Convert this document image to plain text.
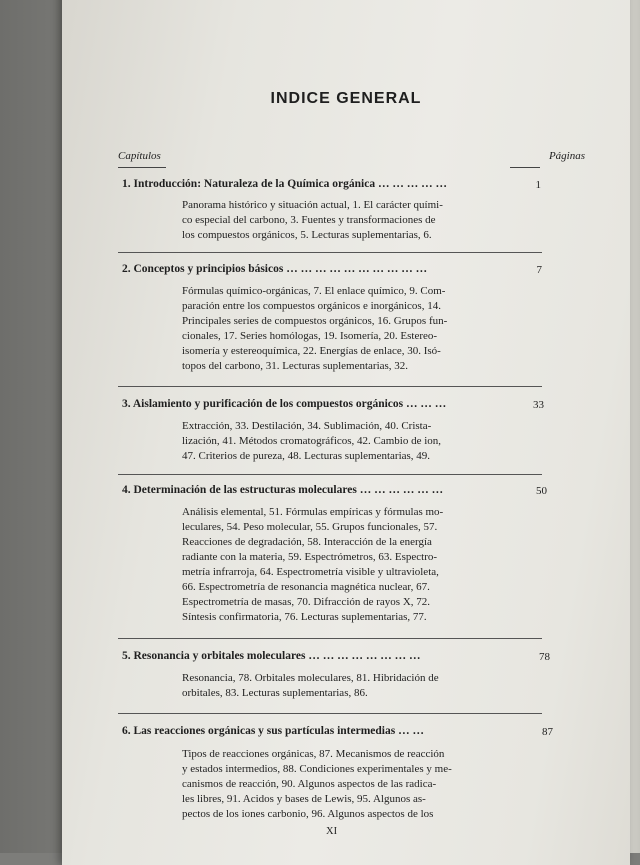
INDICE GENERAL
Capítulos	Páginas
1. Introducción: Naturaleza de la Química orgánica … … … … …	1
Panorama histórico y situación actual, 1. El carácter quími-
co especial del carbono, 3. Fuentes y transformaciones de
los compuestos orgánicos, 5. Lecturas suplementarias, 6.
2. Conceptos y principios básicos … … … … … … … … … …	7
Fórmulas químico-orgánicas, 7. El enlace químico, 9. Com-
paración entre los compuestos orgánicos e inorgánicos, 14.
Principales series de compuestos orgánicos, 16. Grupos fun-
cionales, 17. Series homólogas, 19. Isomería, 20. Estereo-
isomería y estereoquímica, 22. Energías de enlace, 30. Isó-
topos del carbono, 31. Lecturas suplementarias, 32.
3. Aislamiento y purificación de los compuestos orgánicos … … …	33
Extracción, 33. Destilación, 34. Sublimación, 40. Crista-
lización, 41. Métodos cromatográficos, 42. Cambio de ion,
47. Criterios de pureza, 48. Lecturas suplementarias, 49.
4. Determinación de las estructuras moleculares … … … … … …	50
Análisis elemental, 51. Fórmulas empíricas y fórmulas mo-
leculares, 54. Peso molecular, 55. Grupos funcionales, 57.
Reacciones de degradación, 58. Interacción de la energía
radiante con la materia, 59. Espectrómetros, 63. Espectro-
metría infrarroja, 64. Espectrometría visible y ultravioleta,
66. Espectrometría de resonancia magnética nuclear, 67.
Espectrometría de masas, 70. Difracción de rayos X, 72.
Síntesis confirmatoria, 76. Lecturas suplementarias, 77.
5. Resonancia y orbitales moleculares … … … … … … … …	78
Resonancia, 78. Orbitales moleculares, 81. Hibridación de
orbitales, 83. Lecturas suplementarias, 86.
6. Las reacciones orgánicas y sus partículas intermedias … …	87
Tipos de reacciones orgánicas, 87. Mecanismos de reacción
y estados intermedios, 88. Condiciones experimentales y me-
canismos de reacción, 90. Algunos aspectos de las radica-
les libres, 91. Acidos y bases de Lewis, 95. Algunos as-
pectos de los iones carbonio, 96. Algunos aspectos de los
XI
